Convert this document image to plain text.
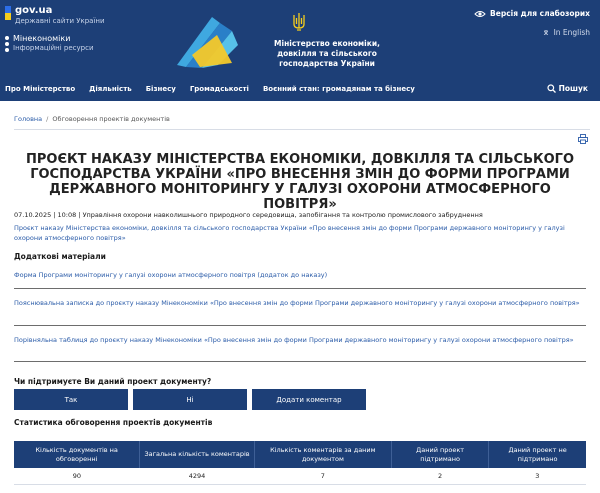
gov.ua
Державні сайти України
Мінекономіки
Інформаційні ресурси	Міністерство економіки,
довкілля та сільського господарства України
Версія для слабозорих
In English
Про Міністерство Діяльність Бізнесу Громадськості Воєнний стан: громадянам та бізнесу	Пошук
Головна / Обговорення проектів документів
ПРОЄКТ НАКАЗУ МІНІСТЕРСТВА ЕКОНОМІКИ, ДОВКІЛЛЯ ТА СІЛЬСЬКОГО ГОСПОДАРСТВА УКРАЇНИ «ПРО ВНЕСЕННЯ ЗМІН ДО ФОРМИ ПРОГРАМИ ДЕРЖАВНОГО МОНІТОРИНГУ У ГАЛУЗІ ОХОРОНИ АТМОСФЕРНОГО ПОВІТРЯ»
07.10.2025 | 10:08 | Управління охорони навколишнього природного середовища, запобігання та контролю промислового забруднення
Проєкт наказу Міністерства економіки, довкілля та сільського господарства України «Про внесення змін до форми Програми державного моніторингу у галузі охорони атмосферного повітря»
Додаткові матеріали
Форма Програми моніторингу у галузі охорони атмосферного повітря (додаток до наказу)
Пояснювальна записка до проєкту наказу Мінекономіки «Про внесення змін до форми Програми державного моніторингу у галузі охорони атмосферного повітря»
Порівняльна таблиця до проєкту наказу Мінекономіки «Про внесення змін до форми Програми державного моніторингу у галузі охорони атмосферного повітря»
Чи підтримуєте Ви даний проект документу?
Так	Ні	Додати коментар
Статистика обговорення проектів документів
Кількість документів на обговоренні	Загальна кількість коментарів	Кількість коментарів за даним документом	Даний проект підтримано	Даний проект не підтримано
90	4294	7	2	3
